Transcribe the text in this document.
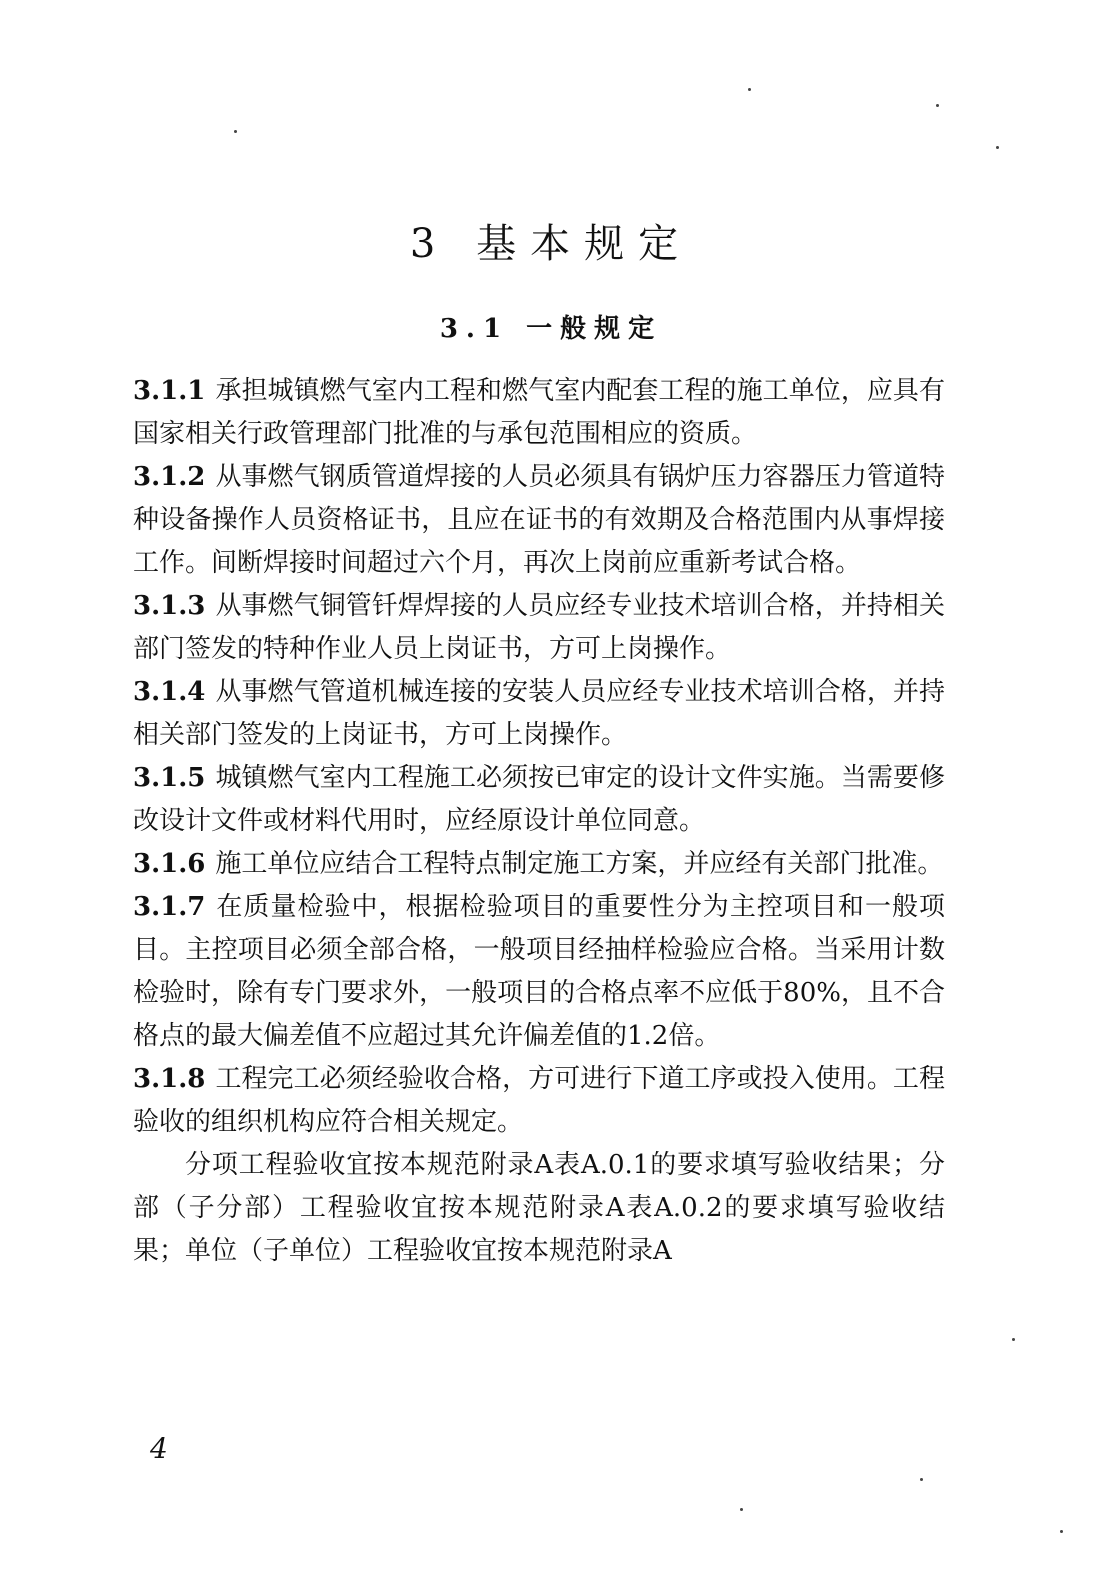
3 基本规定
3.1 一般规定

3.1.1 承担城镇燃气室内工程和燃气室内配套工程的施工单位，应具有国家相关行政管理部门批准的与承包范围相应的资质。

3.1.2 从事燃气钢质管道焊接的人员必须具有锅炉压力容器压力管道特种设备操作人员资格证书，且应在证书的有效期及合格范围内从事焊接工作。间断焊接时间超过六个月，再次上岗前应重新考试合格。

3.1.3 从事燃气铜管钎焊焊接的人员应经专业技术培训合格，并持相关部门签发的特种作业人员上岗证书，方可上岗操作。

3.1.4 从事燃气管道机械连接的安装人员应经专业技术培训合格，并持相关部门签发的上岗证书，方可上岗操作。

3.1.5 城镇燃气室内工程施工必须按已审定的设计文件实施。当需要修改设计文件或材料代用时，应经原设计单位同意。

3.1.6 施工单位应结合工程特点制定施工方案，并应经有关部门批准。

3.1.7 在质量检验中，根据检验项目的重要性分为主控项目和一般项目。主控项目必须全部合格，一般项目经抽样检验应合格。当采用计数检验时，除有专门要求外，一般项目的合格点率不应低于80%，且不合格点的最大偏差值不应超过其允许偏差值的1.2倍。

3.1.8 工程完工必须经验收合格，方可进行下道工序或投入使用。工程验收的组织机构应符合相关规定。

分项工程验收宜按本规范附录A表A.0.1的要求填写验收结果；分部（子分部）工程验收宜按本规范附录A表A.0.2的要求填写验收结果；单位（子单位）工程验收宜按本规范附录A

4
